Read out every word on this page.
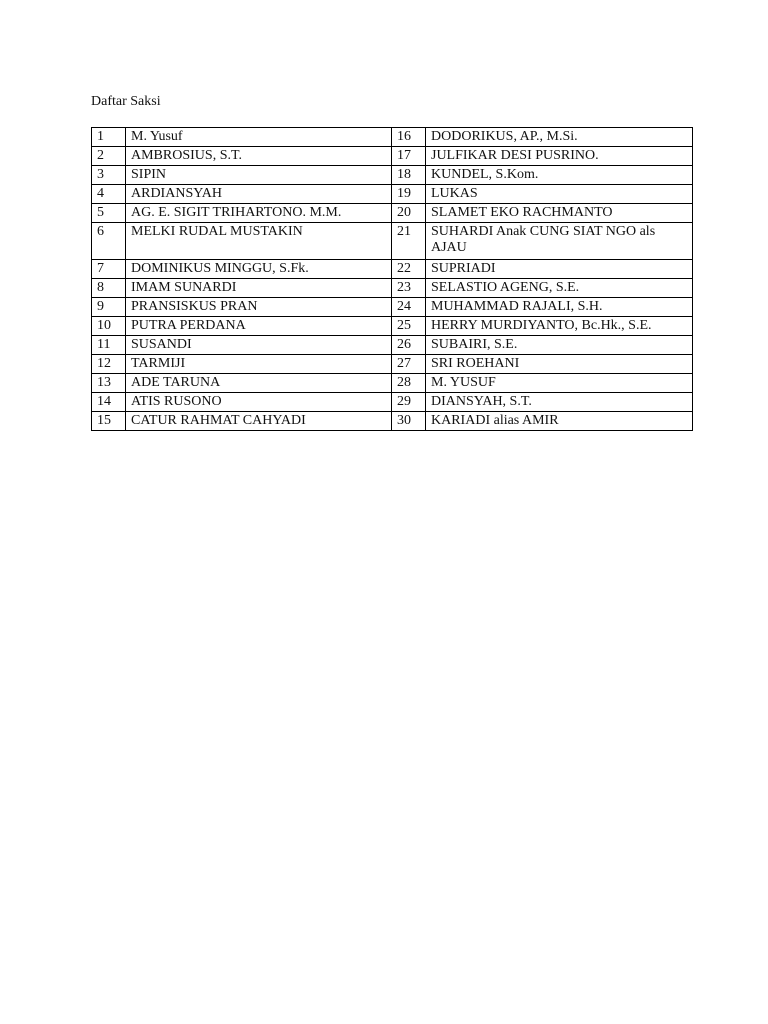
Daftar Saksi
1	M. Yusuf	16	DODORIKUS, AP., M.Si.
2	AMBROSIUS, S.T.	17	JULFIKAR DESI PUSRINO.
3	SIPIN	18	KUNDEL, S.Kom.
4	ARDIANSYAH	19	LUKAS
5	AG. E. SIGIT TRIHARTONO. M.M.	20	SLAMET EKO RACHMANTO
6	MELKI RUDAL MUSTAKIN	21	SUHARDI Anak CUNG SIAT NGO als AJAU
7	DOMINIKUS MINGGU, S.Fk.	22	SUPRIADI
8	IMAM SUNARDI	23	SELASTIO AGENG, S.E.
9	PRANSISKUS PRAN	24	MUHAMMAD RAJALI, S.H.
10	PUTRA PERDANA	25	HERRY MURDIYANTO, Bc.Hk., S.E.
11	SUSANDI	26	SUBAIRI, S.E.
12	TARMIJI	27	SRI ROEHANI
13	ADE TARUNA	28	M. YUSUF
14	ATIS RUSONO	29	DIANSYAH, S.T.
15	CATUR RAHMAT CAHYADI	30	KARIADI alias AMIR
